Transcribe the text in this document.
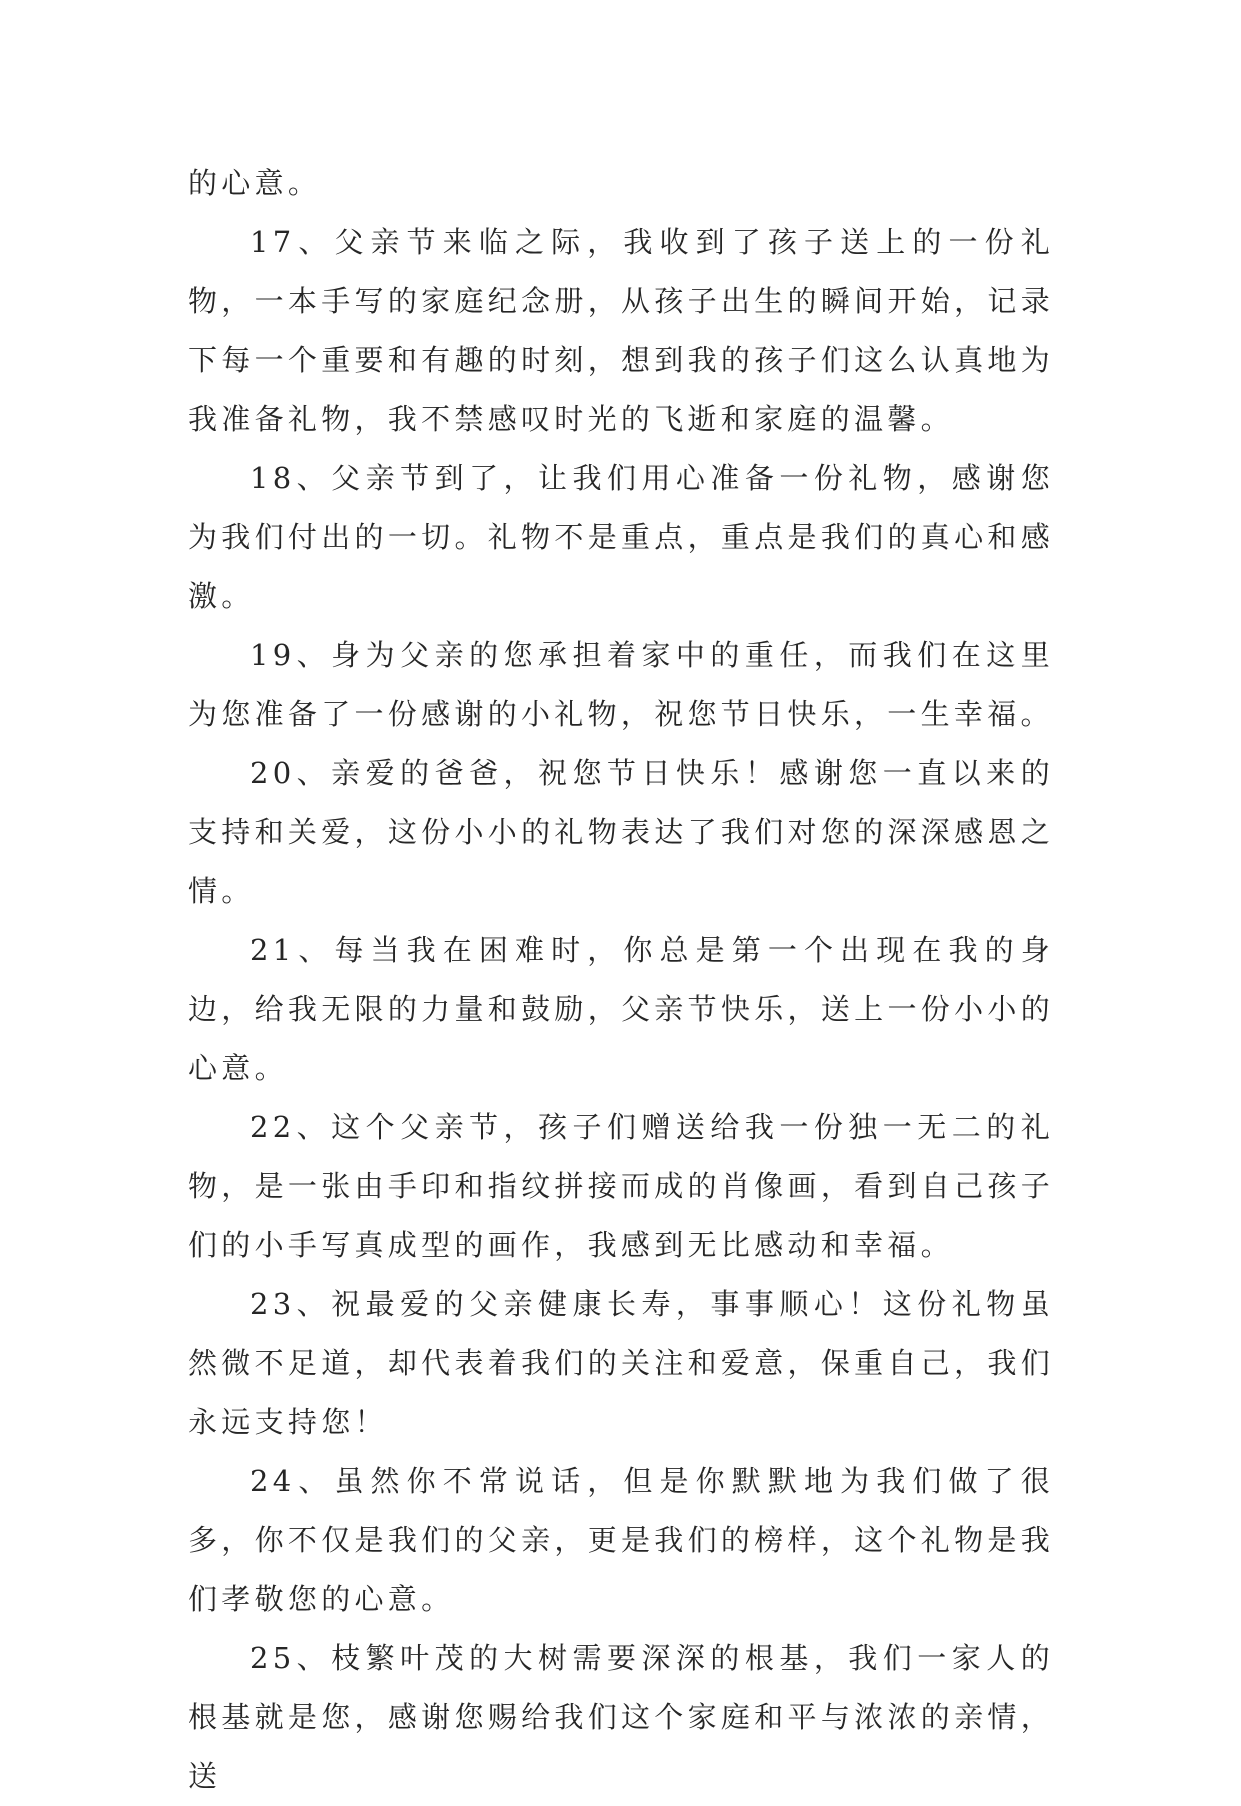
的心意。

17、父亲节来临之际，我收到了孩子送上的一份礼物，一本手写的家庭纪念册，从孩子出生的瞬间开始，记录下每一个重要和有趣的时刻，想到我的孩子们这么认真地为我准备礼物，我不禁感叹时光的飞逝和家庭的温馨。

18、父亲节到了，让我们用心准备一份礼物，感谢您为我们付出的一切。礼物不是重点，重点是我们的真心和感激。

19、身为父亲的您承担着家中的重任，而我们在这里为您准备了一份感谢的小礼物，祝您节日快乐，一生幸福。

20、亲爱的爸爸，祝您节日快乐！感谢您一直以来的支持和关爱，这份小小的礼物表达了我们对您的深深感恩之情。

21、每当我在困难时，你总是第一个出现在我的身边，给我无限的力量和鼓励，父亲节快乐，送上一份小小的心意。

22、这个父亲节，孩子们赠送给我一份独一无二的礼物，是一张由手印和指纹拼接而成的肖像画，看到自己孩子们的小手写真成型的画作，我感到无比感动和幸福。

23、祝最爱的父亲健康长寿，事事顺心！这份礼物虽然微不足道，却代表着我们的关注和爱意，保重自己，我们永远支持您！

24、虽然你不常说话，但是你默默地为我们做了很多，你不仅是我们的父亲，更是我们的榜样，这个礼物是我们孝敬您的心意。

25、枝繁叶茂的大树需要深深的根基，我们一家人的根基就是您，感谢您赐给我们这个家庭和平与浓浓的亲情，送
